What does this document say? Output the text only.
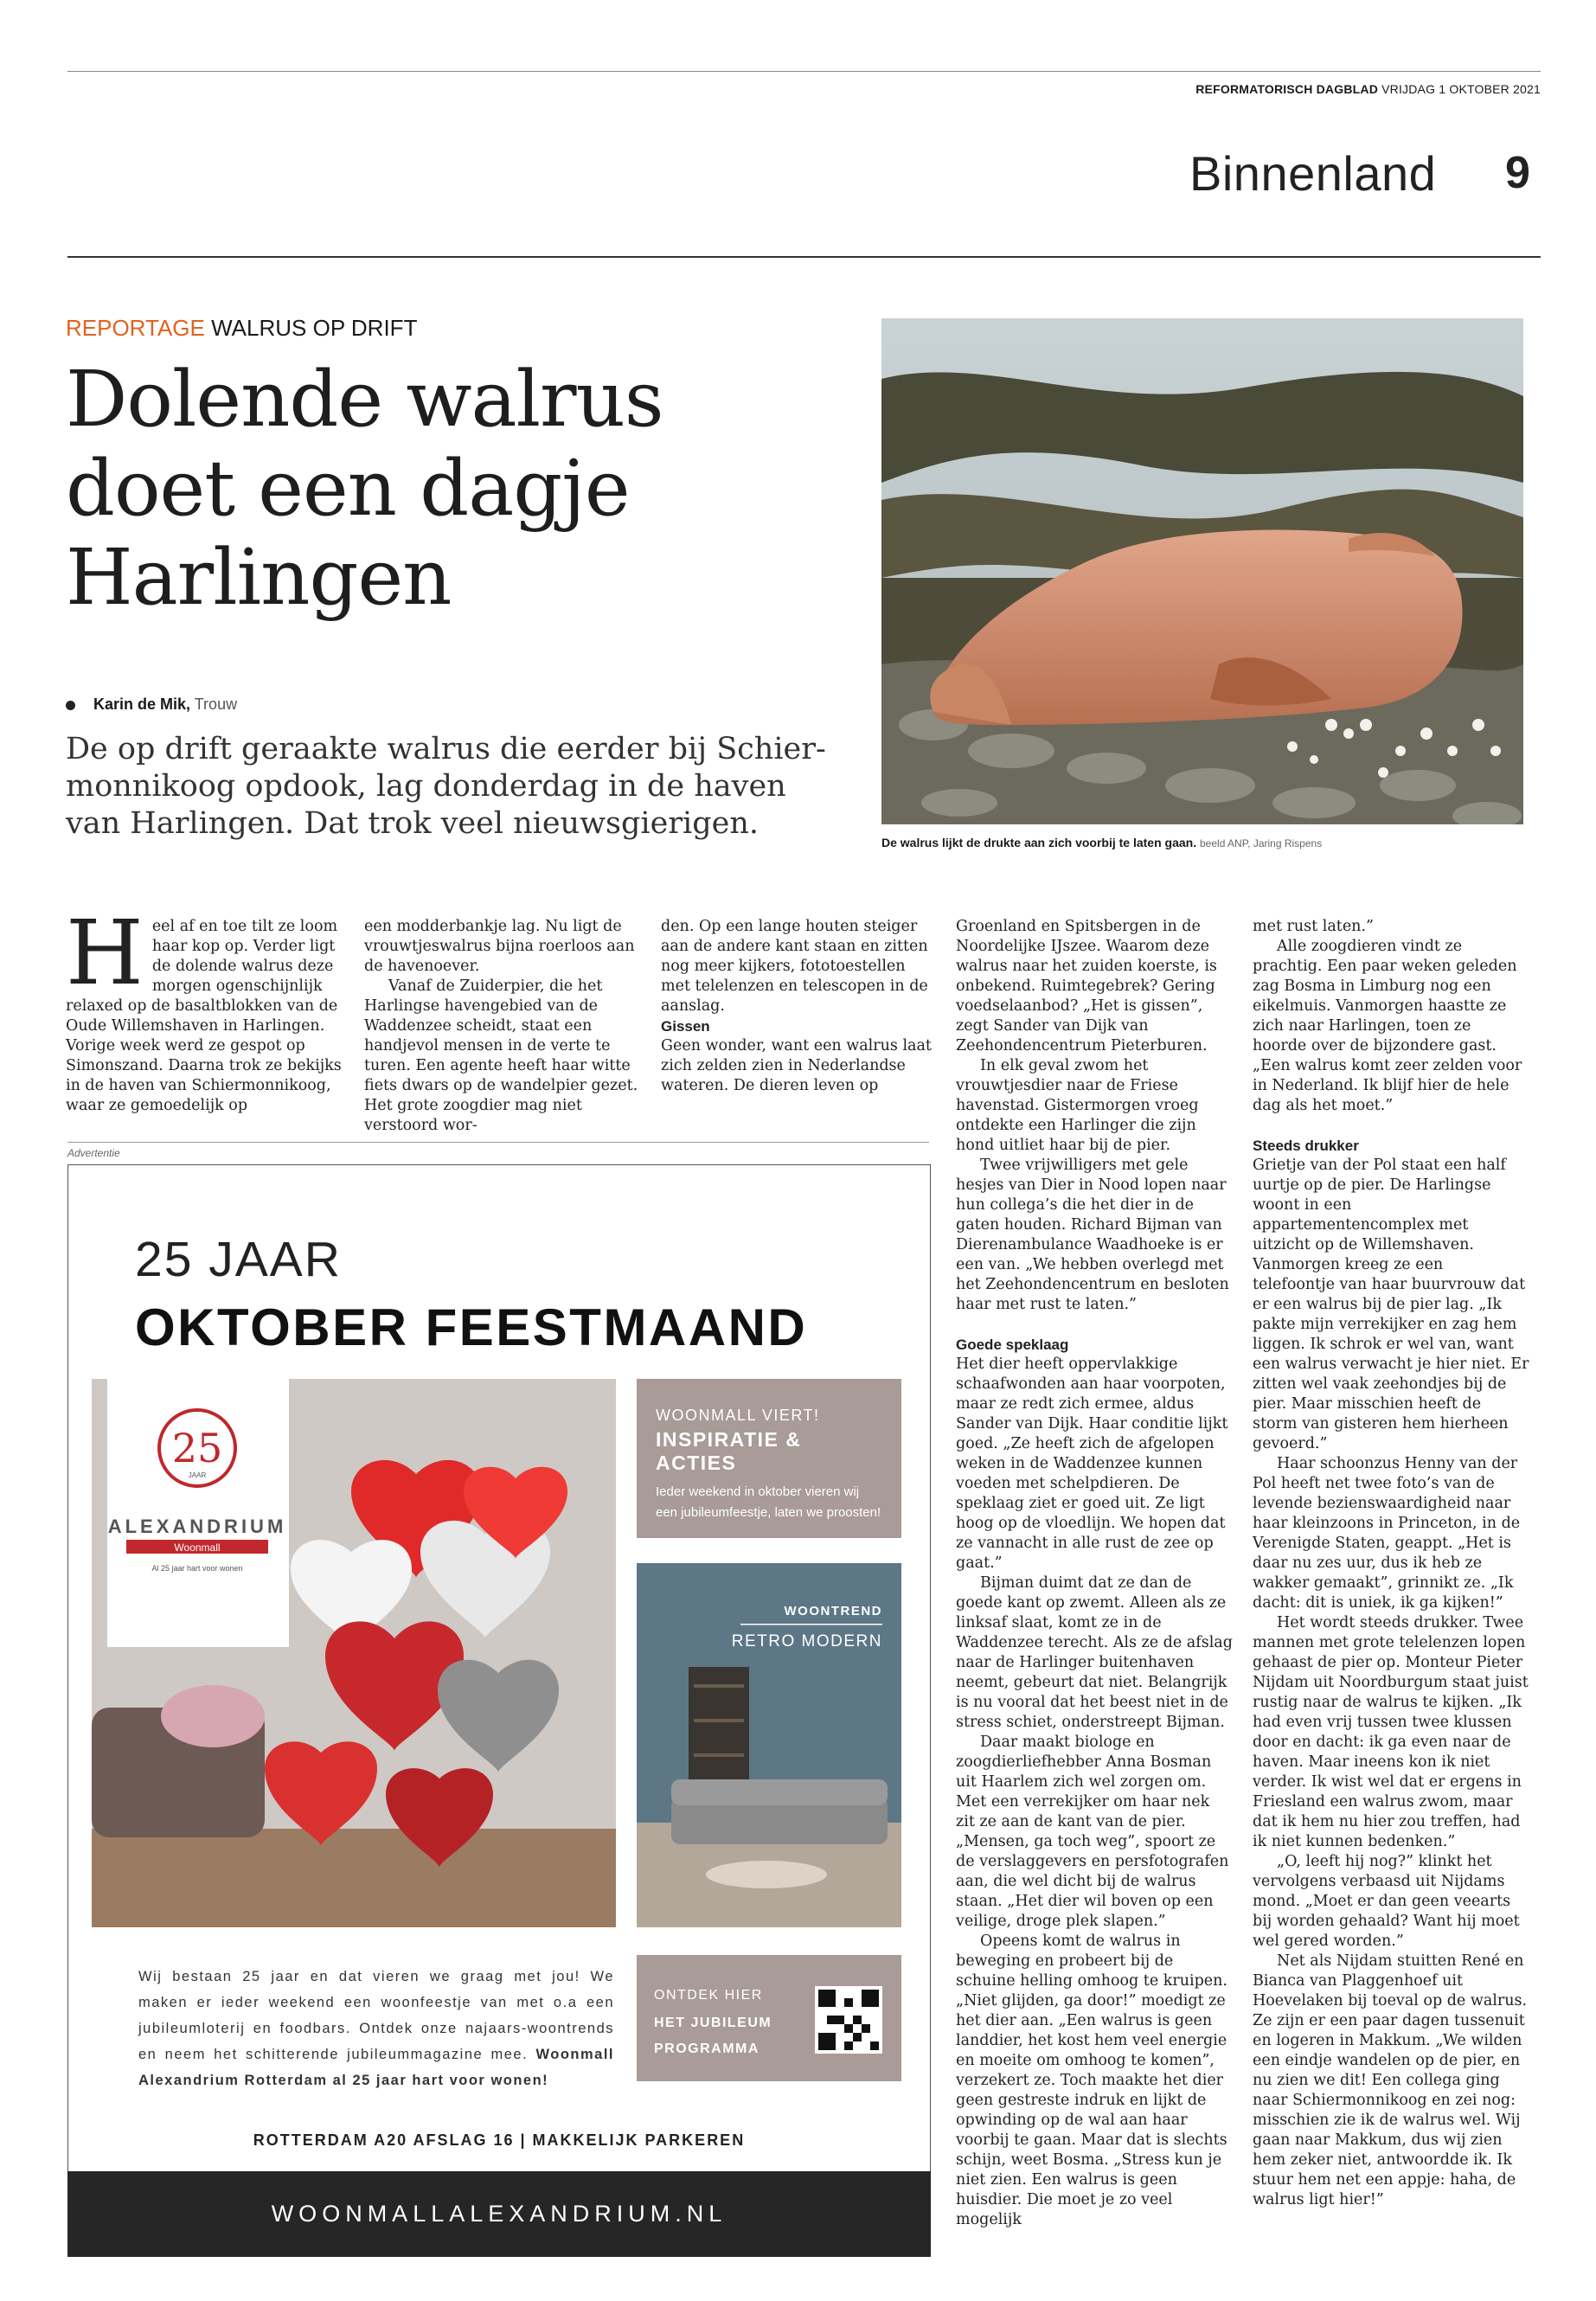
REFORMATORISCH DAGBLAD VRIJDAG 1 OKTOBER 2021
Binnenland 9
REPORTAGE WALRUS OP DRIFT
Dolende walrus doet een dagje Harlingen
Karin de Mik, Trouw
De op drift geraakte walrus die eerder bij Schier-monnikoog opdook, lag donderdag in de haven van Harlingen. Dat trok veel nieuwsgierigen.
De walrus lijkt de drukte aan zich voorbij te laten gaan. beeld ANP, Jaring Rispens
H eel af en toe tilt ze loom haar kop op. Verder ligt de dolende walrus deze morgen ogenschijnlijk relaxed op de basaltblokken van de Oude Willemshaven in Harlingen. Vorige week werd ze gespot op Simonszand. Daarna trok ze bekijks in de haven van Schiermonnikoog, waar ze gemoedelijk op

een modderbankje lag. Nu ligt de vrouwtjeswalrus bijna roerloos aan de havenoever.

Vanaf de Zuiderpier, die het Harlingse havengebied van de Waddenzee scheidt, staat een handjevol mensen in de verte te turen. Een agente heeft haar witte fiets dwars op de wandelpier gezet. Het grote zoogdier mag niet verstoord wor-

den. Op een lange houten steiger aan de andere kant staan en zitten nog meer kijkers, fototoestellen met telelenzen en telescopen in de aanslag.

Gissen

Geen wonder, want een walrus laat zich zelden zien in Nederlandse wateren. De dieren leven op

Groenland en Spitsbergen in de Noordelijke IJszee. Waarom deze walrus naar het zuiden koerste, is onbekend. Ruimtegebrek? Gering voedselaanbod? „Het is gissen”, zegt Sander van Dijk van Zeehondencentrum Pieterburen.

In elk geval zwom het vrouwtjesdier naar de Friese havenstad. Gistermorgen vroeg ontdekte een Harlinger die zijn hond uitliet haar bij de pier.

Twee vrijwilligers met gele hesjes van Dier in Nood lopen naar hun collega’s die het dier in de gaten houden. Richard Bijman van Dierenambulance Waadhoeke is er een van. „We hebben overlegd met het Zeehondencentrum en besloten haar met rust te laten.”

Goede speklaag

Het dier heeft oppervlakkige schaafwonden aan haar voorpoten, maar ze redt zich ermee, aldus Sander van Dijk. Haar conditie lijkt goed. „Ze heeft zich de afgelopen weken in de Waddenzee kunnen voeden met schelpdieren. De speklaag ziet er goed uit. Ze ligt hoog op de vloedlijn. We hopen dat ze vannacht in alle rust de zee op gaat.”

Bijman duimt dat ze dan de goede kant op zwemt. Alleen als ze linksaf slaat, komt ze in de Waddenzee terecht. Als ze de afslag naar de Harlinger buitenhaven neemt, gebeurt dat niet. Belangrijk is nu vooral dat het beest niet in de stress schiet, onderstreept Bijman.

Daar maakt biologe en zoogdierliefhebber Anna Bosman uit Haarlem zich wel zorgen om. Met een verrekijker om haar nek zit ze aan de kant van de pier. „Mensen, ga toch weg”, spoort ze de verslaggevers en persfotografen aan, die wel dicht bij de walrus staan. „Het dier wil boven op een veilige, droge plek slapen.”

Opeens komt de walrus in beweging en probeert bij de schuine helling omhoog te kruipen. „Niet glijden, ga door!” moedigt ze het dier aan. „Een walrus is geen landdier, het kost hem veel energie en moeite om omhoog te komen”, verzekert ze. Toch maakte het dier geen gestreste indruk en lijkt de opwinding op de wal aan haar voorbij te gaan. Maar dat is slechts schijn, weet Bosma. „Stress kun je niet zien. Een walrus is geen huisdier. Die moet je zo veel mogelijk

met rust laten.”

Alle zoogdieren vindt ze prachtig. Een paar weken geleden zag Bosma in Limburg nog een eikelmuis. Vanmorgen haastte ze zich naar Harlingen, toen ze hoorde over de bijzondere gast. „Een walrus komt zeer zelden voor in Nederland. Ik blijf hier de hele dag als het moet.”

Steeds drukker

Grietje van der Pol staat een half uurtje op de pier. De Harlingse woont in een appartementencomplex met uitzicht op de Willemshaven. Vanmorgen kreeg ze een telefoontje van haar buurvrouw dat er een walrus bij de pier lag. „Ik pakte mijn verrekijker en zag hem liggen. Ik schrok er wel van, want een walrus verwacht je hier niet. Er zitten wel vaak zeehondjes bij de pier. Maar misschien heeft de storm van gisteren hem hierheen gevoerd.”

Haar schoonzus Henny van der Pol heeft net twee foto’s van de levende bezienswaardigheid naar haar kleinzoons in Princeton, in de Verenigde Staten, geappt. „Het is daar nu zes uur, dus ik heb ze wakker gemaakt”, grinnikt ze. „Ik dacht: dit is uniek, ik ga kijken!”

Het wordt steeds drukker. Twee mannen met grote telelenzen lopen gehaast de pier op. Monteur Pieter Nijdam uit Noordburgum staat juist rustig naar de walrus te kijken. „Ik had even vrij tussen twee klussen door en dacht: ik ga even naar de haven. Maar ineens kon ik niet verder. Ik wist wel dat er ergens in Friesland een walrus zwom, maar dat ik hem nu hier zou treffen, had ik niet kunnen bedenken.”

„O, leeft hij nog?” klinkt het vervolgens verbaasd uit Nijdams mond. „Moet er dan geen veearts bij worden gehaald? Want hij moet wel gered worden.”

Net als Nijdam stuitten René en Bianca van Plaggenhoef uit Hoevelaken bij toeval op de walrus. Ze zijn er een paar dagen tussenuit en logeren in Makkum. „We wilden een eindje wandelen op de pier, en nu zien we dit! Een collega ging naar Schiermonnikoog en zei nog: misschien zie ik de walrus wel. Wij gaan naar Makkum, dus wij zien hem zeker niet, antwoordde ik. Ik stuur hem net een appje: haha, de walrus ligt hier!”

Advertentie
25 JAAR
OKTOBER FEESTMAAND
25
JAAR
ALEXANDRIUM
Woonmall
Al 25 jaar hart voor wonen
WOONMALL VIERT!
INSPIRATIE & ACTIES
Ieder weekend in oktober vieren wij een jubileumfeestje, laten we proosten!
WOONTREND
RETRO MODERN
Wij bestaan 25 jaar en dat vieren we graag met jou! We maken er ieder weekend een woonfeestje van met o.a een jubileumloterij en foodbars. Ontdek onze najaars-woontrends en neem het schitterende jubileummagazine mee. Woonmall Alexandrium Rotterdam al 25 jaar hart voor wonen!
ONTDEK HIER
HET JUBILEUM PROGRAMMA
ROTTERDAM A20 AFSLAG 16 | MAKKELIJK PARKEREN
WOONMALLALEXANDRIUM.NL
